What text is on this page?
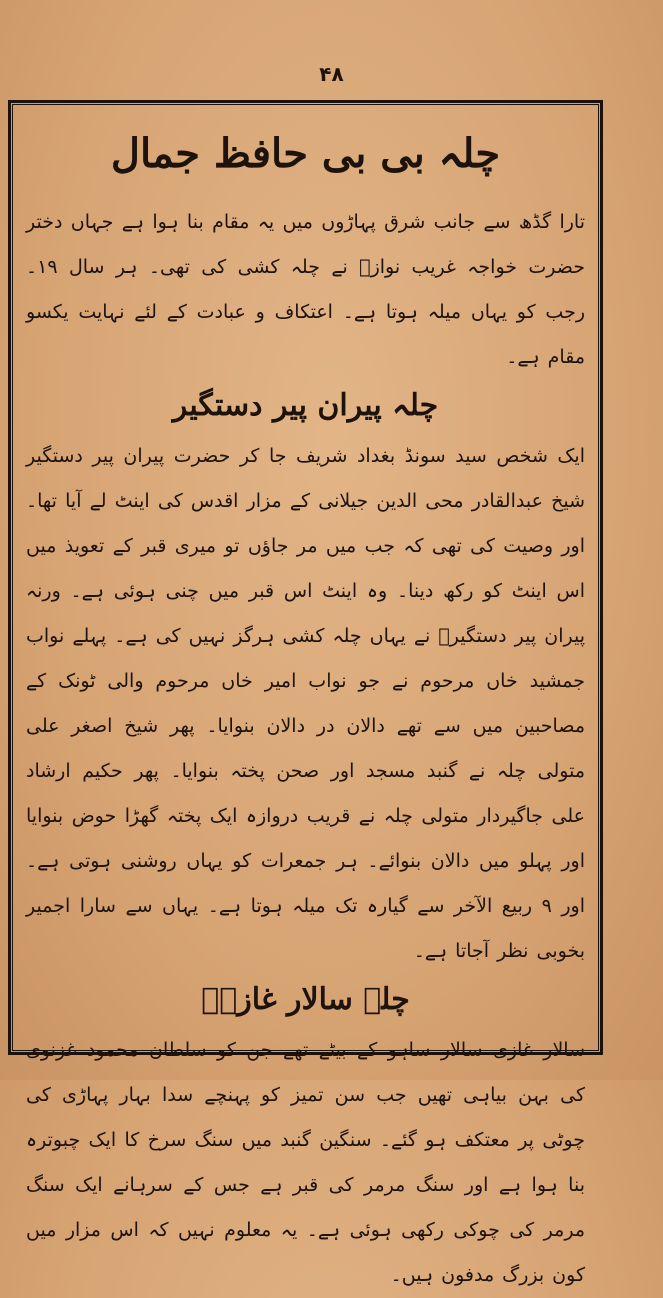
۴۸
چلہ بی بی حافظ جمال

تارا گڈھ سے جانب شرق پہاڑوں میں یہ مقام بنا ہوا ہے جہاں دختر حضرت خواجہ غریب نوازؒ نے چلہ کشی کی تھی۔ ہر سال ۱۹۔ رجب کو یہاں میلہ ہوتا ہے۔ اعتکاف و عبادت کے لئے نہایت یکسو مقام ہے۔

چلہ پیران پیر دستگیر

ایک شخص سید سونڈ بغداد شریف جا کر حضرت پیران پیر دستگیر شیخ عبدالقادر محی الدین جیلانی کے مزار اقدس کی اینٹ لے آیا تھا۔ اور وصیت کی تھی کہ جب میں مر جاؤں تو میری قبر کے تعویذ میں اس اینٹ کو رکھ دینا۔ وہ اینٹ اس قبر میں چنی ہوئی ہے۔ ورنہ پیران پیر دستگیرؒ نے یہاں چلہ کشی ہرگز نہیں کی ہے۔ پہلے نواب جمشید خاں مرحوم نے جو نواب امیر خاں مرحوم والی ٹونک کے مصاحبین میں سے تھے دالان در دالان بنوایا۔ پھر شیخ اصغر علی متولی چلہ نے گنبد مسجد اور صحن پختہ بنوایا۔ پھر حکیم ارشاد علی جاگیردار متولی چلہ نے قریب دروازہ ایک پختہ گھڑا حوض بنوایا اور پہلو میں دالان بنوائے۔ ہر جمعرات کو یہاں روشنی ہوتی ہے۔ اور ۹ ربیع الآخر سے گیارہ تک میلہ ہوتا ہے۔ یہاں سے سارا اجمیر بخوبی نظر آجاتا ہے۔

چلہ سالار غازیؒ

سالار غازی سالار ساہو کے بیٹے تھے جن کو سلطان محمود غزنوی کی بہن بیاہی تھیں جب سن تمیز کو پہنچے سدا بہار پہاڑی کی چوٹی پر معتکف ہو گئے۔ سنگین گنبد میں سنگ سرخ کا ایک چبوترہ بنا ہوا ہے اور سنگ مرمر کی قبر ہے جس کے سرہانے ایک سنگ مرمر کی چوکی رکھی ہوئی ہے۔ یہ معلوم نہیں کہ اس مزار میں کون بزرگ مدفون ہیں۔
